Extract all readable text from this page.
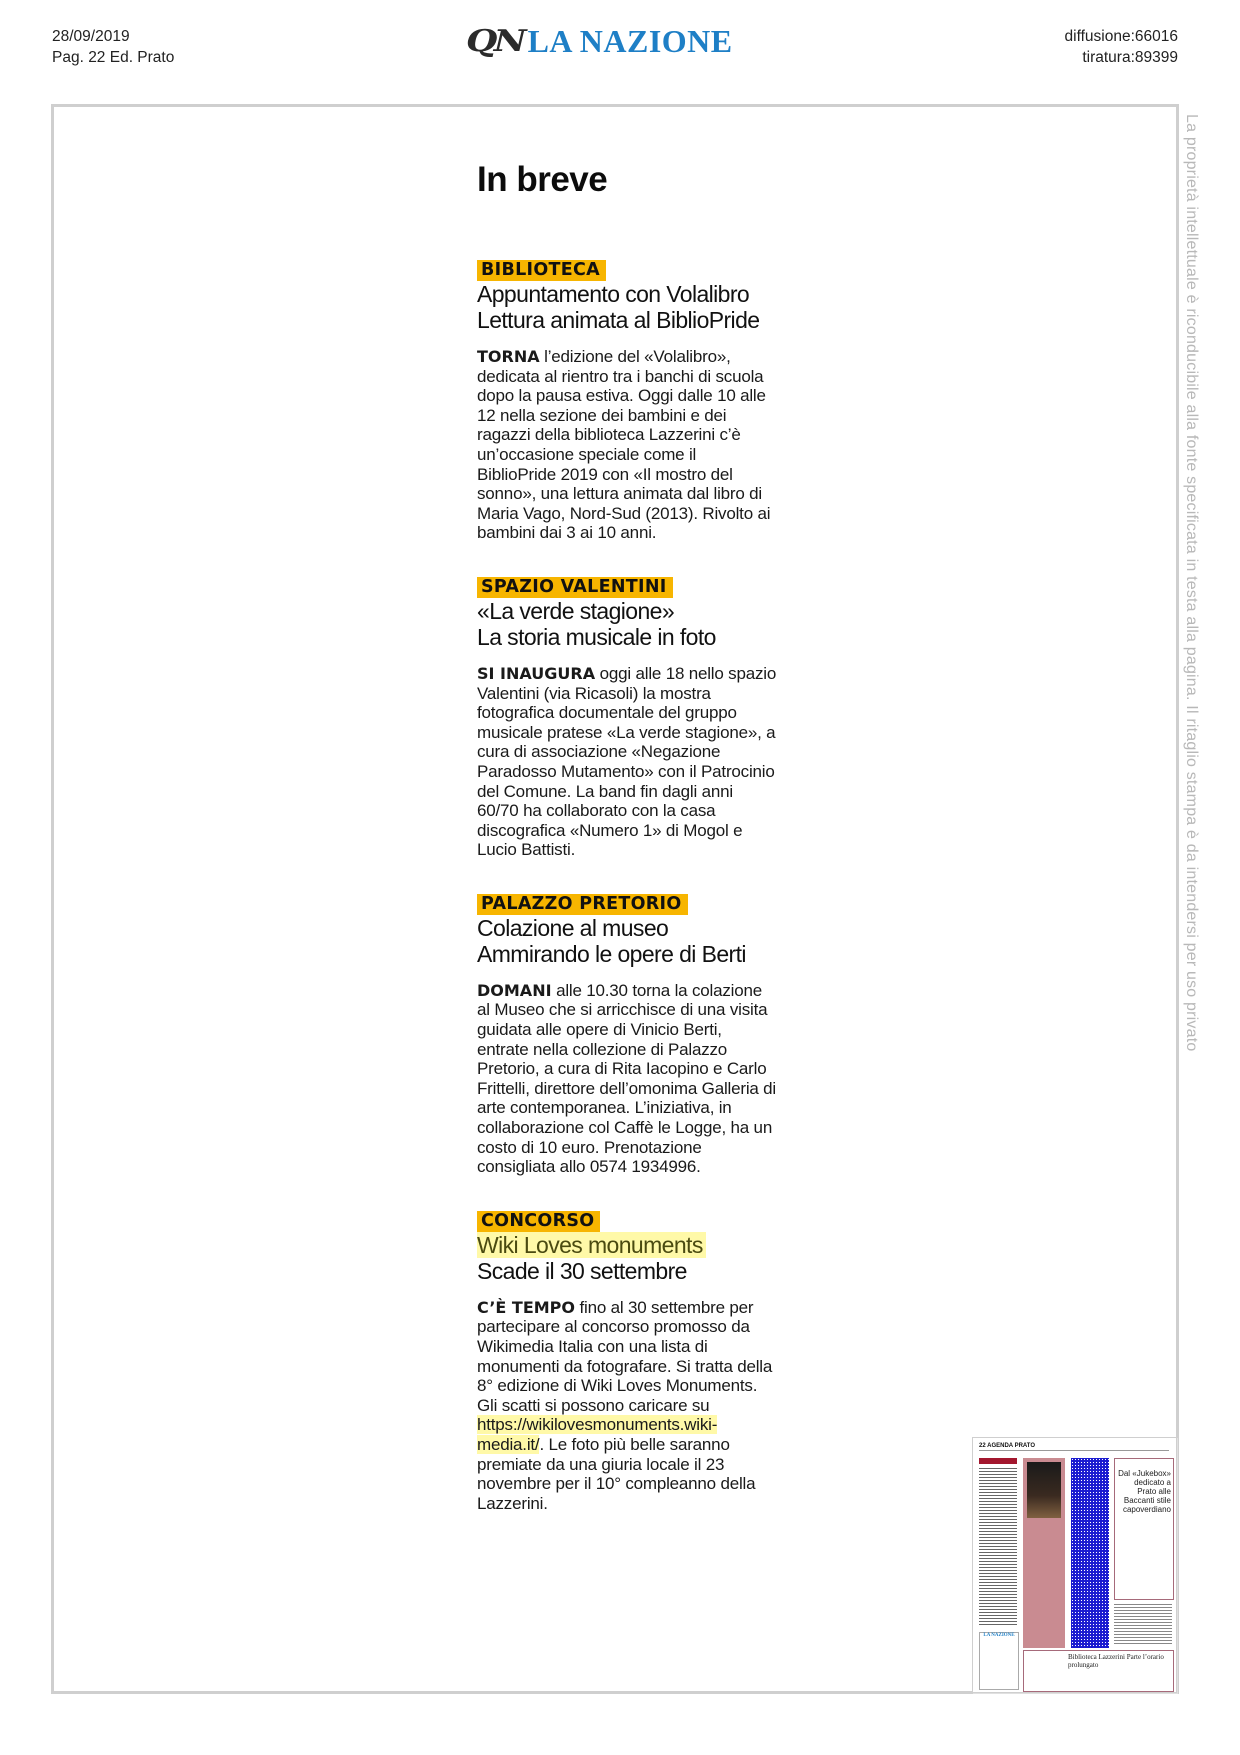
28/09/2019
Pag. 22 Ed. Prato	QN LA NAZIONE	diffusione:66016
tiratura:89399
La proprietà intellettuale è riconducibile alla fonte specificata in testa alla pagina. Il ritaglio stampa è da intendersi per uso privato
In breve
BIBLIOTECA
Appuntamento con Volalibro
Lettura animata al BiblioPride
TORNA l’edizione del «Volalibro», dedicata al rientro tra i banchi di scuola dopo la pausa estiva. Oggi dalle 10 alle 12 nella sezione dei bambini e dei ragazzi della biblioteca Lazzerini c’è un’occasione speciale come il BiblioPride 2019 con «Il mostro del sonno», una lettura animata dal libro di Maria Vago, Nord-Sud (2013). Rivolto ai bambini dai 3 ai 10 anni.
SPAZIO VALENTINI
«La verde stagione»
La storia musicale in foto
SI INAUGURA oggi alle 18 nello spazio Valentini (via Ricasoli) la mostra fotografica documentale del gruppo musicale pratese «La verde stagione», a cura di associazione «Negazione Paradosso Mutamento» con il Patrocinio del Comune. La band fin dagli anni 60/70 ha collaborato con la casa discografica «Numero 1» di Mogol e Lucio Battisti.
PALAZZO PRETORIO
Colazione al museo
Ammirando le opere di Berti
DOMANI alle 10.30 torna la colazione al Museo che si arricchisce di una visita guidata alle opere di Vinicio Berti, entrate nella collezione di Palazzo Pretorio, a cura di Rita Iacopino e Carlo Frittelli, direttore dell’omonima Galleria di arte contemporanea. L’iniziativa, in collaborazione col Caffè le Logge, ha un costo di 10 euro. Prenotazione consigliata allo 0574 1934996.
CONCORSO
Wiki Loves monuments
Scade il 30 settembre
C’È TEMPO fino al 30 settembre per partecipare al concorso promosso da Wikimedia Italia con una lista di monumenti da fotografare. Si tratta della 8° edizione di Wiki Loves Monuments. Gli scatti si possono caricare su https://wikilovesmonuments.wiki-media.it/. Le foto più belle saranno premiate da una giuria locale il 23 novembre per il 10° compleanno della Lazzerini.
22 AGENDA PRATO
LA NAZIONE
Dal «Jukebox» dedicato a Prato alle Baccanti stile capoverdiano
Biblioteca Lazzerini Parte l’orario prolungato
